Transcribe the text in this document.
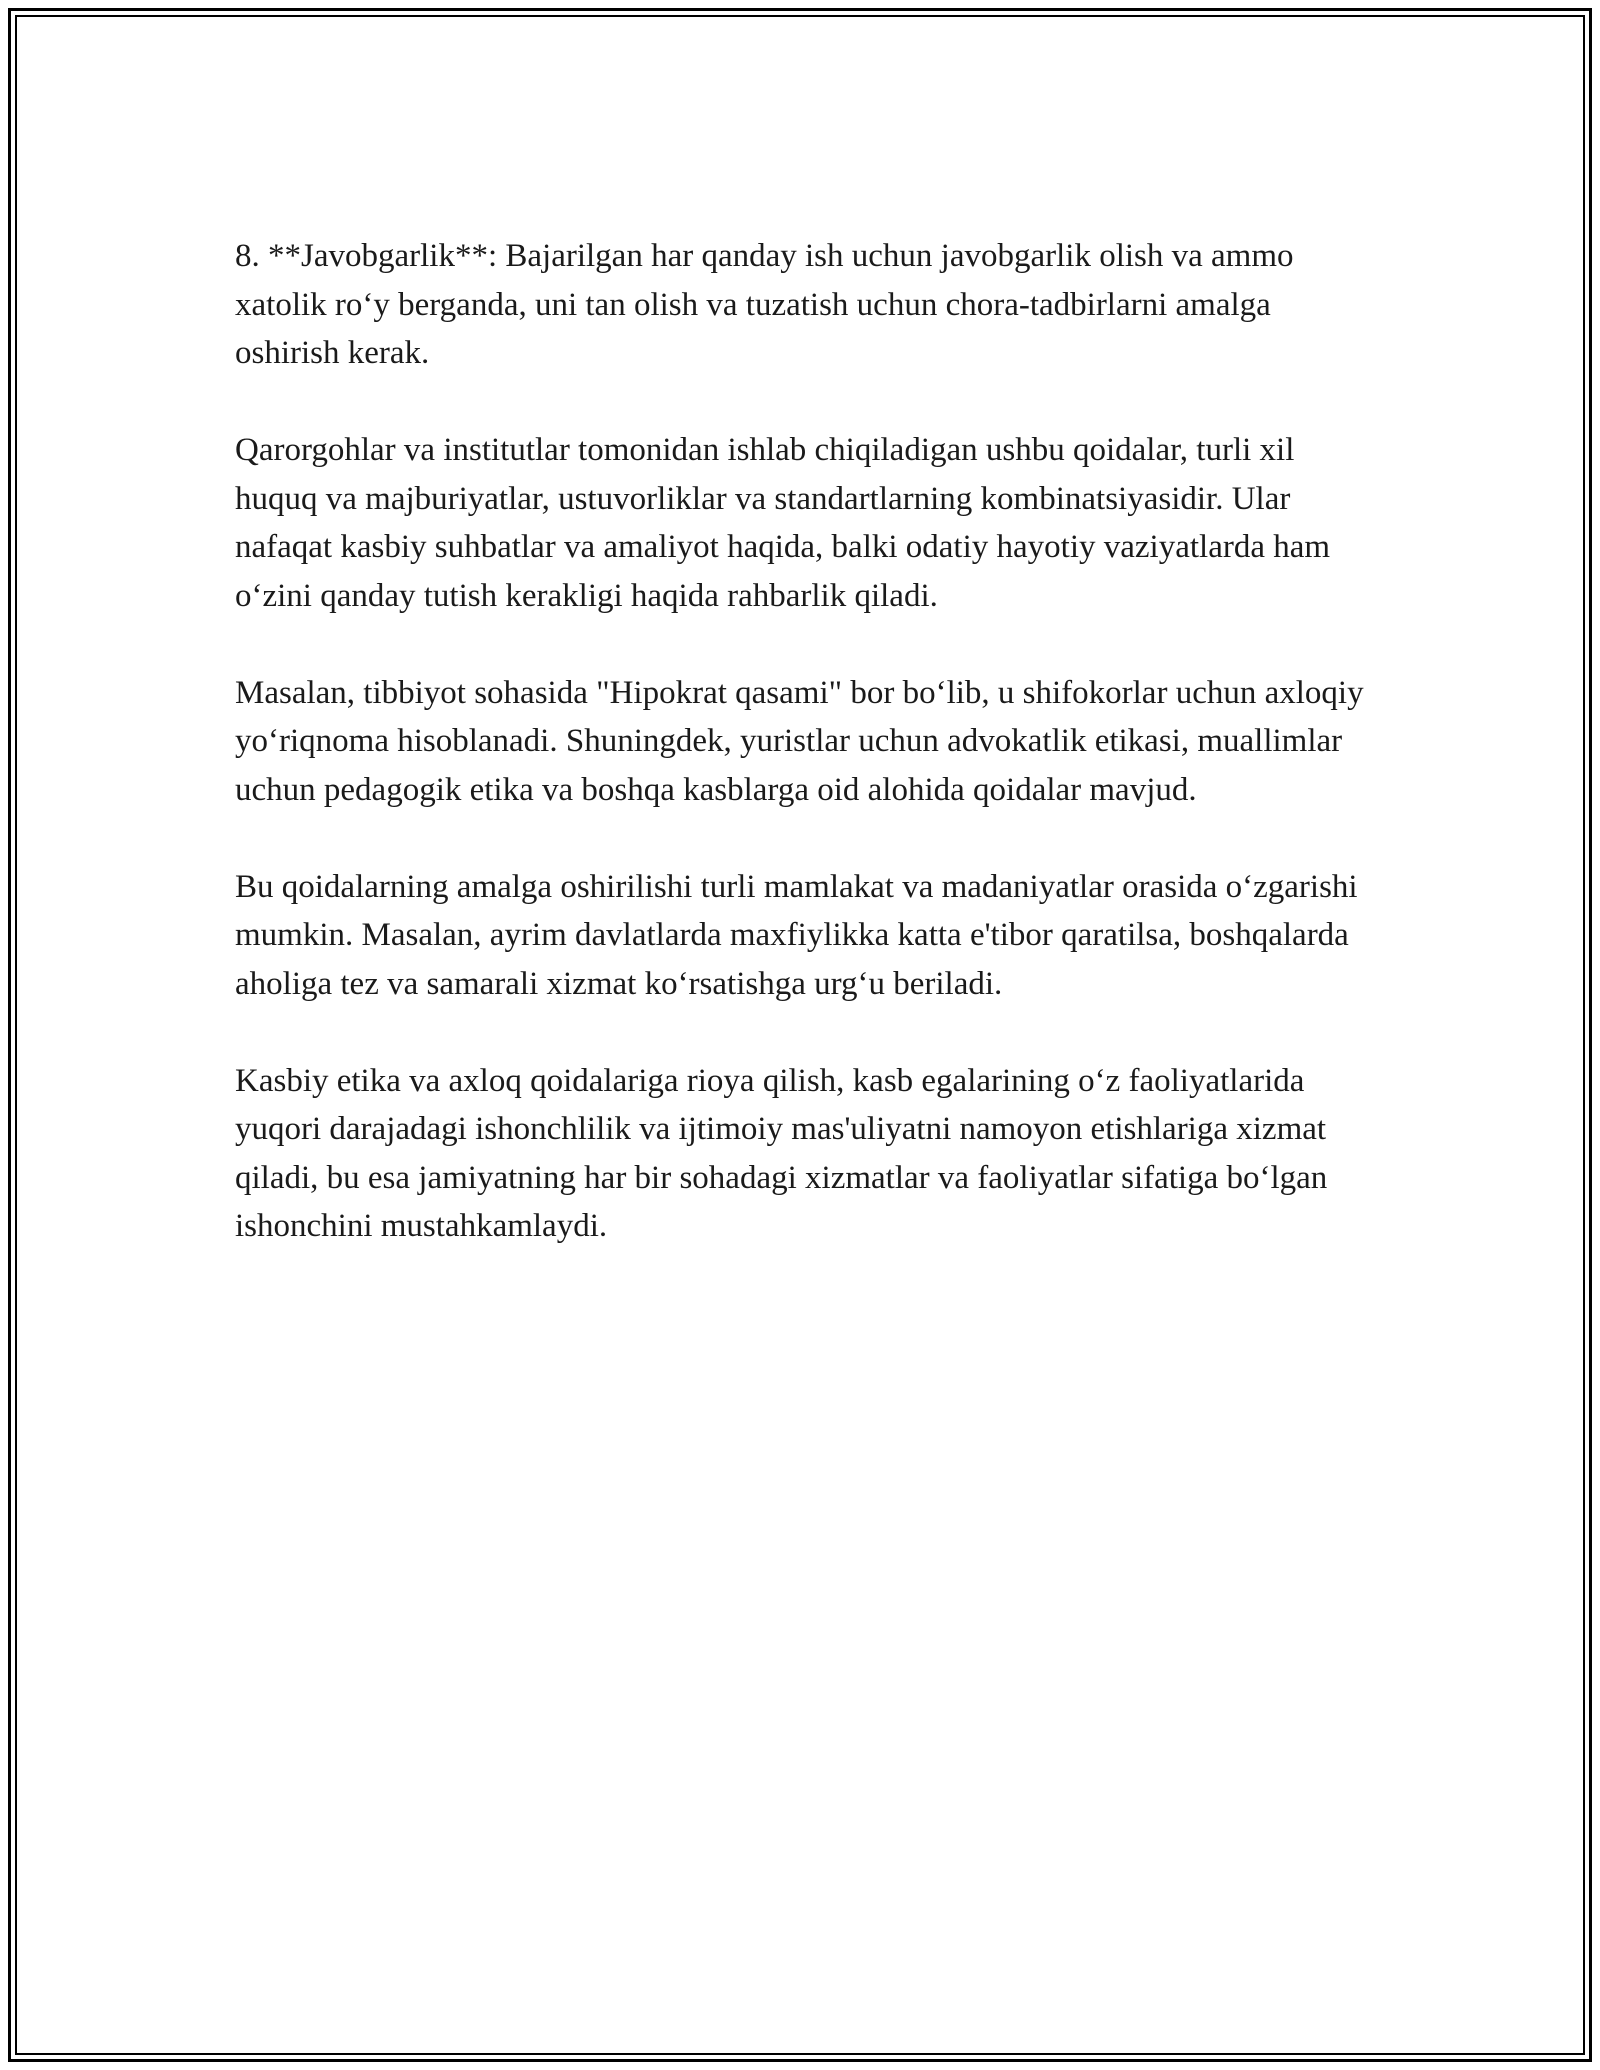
8. **Javobgarlik**: Bajarilgan har qanday ish uchun javobgarlik olish va ammo xatolik ro‘y berganda, uni tan olish va tuzatish uchun chora-tadbirlarni amalga oshirish kerak.

Qarorgohlar va institutlar tomonidan ishlab chiqiladigan ushbu qoidalar, turli xil huquq va majburiyatlar, ustuvorliklar va standartlarning kombinatsiyasidir. Ular nafaqat kasbiy suhbatlar va amaliyot haqida, balki odatiy hayotiy vaziyatlarda ham o‘zini qanday tutish kerakligi haqida rahbarlik qiladi.

Masalan, tibbiyot sohasida "Hipokrat qasami" bor bo‘lib, u shifokorlar uchun axloqiy yo‘riqnoma hisoblanadi. Shuningdek, yuristlar uchun advokatlik etikasi, muallimlar uchun pedagogik etika va boshqa kasblarga oid alohida qoidalar mavjud.

Bu qoidalarning amalga oshirilishi turli mamlakat va madaniyatlar orasida o‘zgarishi mumkin. Masalan, ayrim davlatlarda maxfiylikka katta e'tibor qaratilsa, boshqalarda aholiga tez va samarali xizmat ko‘rsatishga urg‘u beriladi.

Kasbiy etika va axloq qoidalariga rioya qilish, kasb egalarining o‘z faoliyatlarida yuqori darajadagi ishonchlilik va ijtimoiy mas'uliyatni namoyon etishlariga xizmat qiladi, bu esa jamiyatning har bir sohadagi xizmatlar va faoliyatlar sifatiga bo‘lgan ishonchini mustahkamlaydi.
